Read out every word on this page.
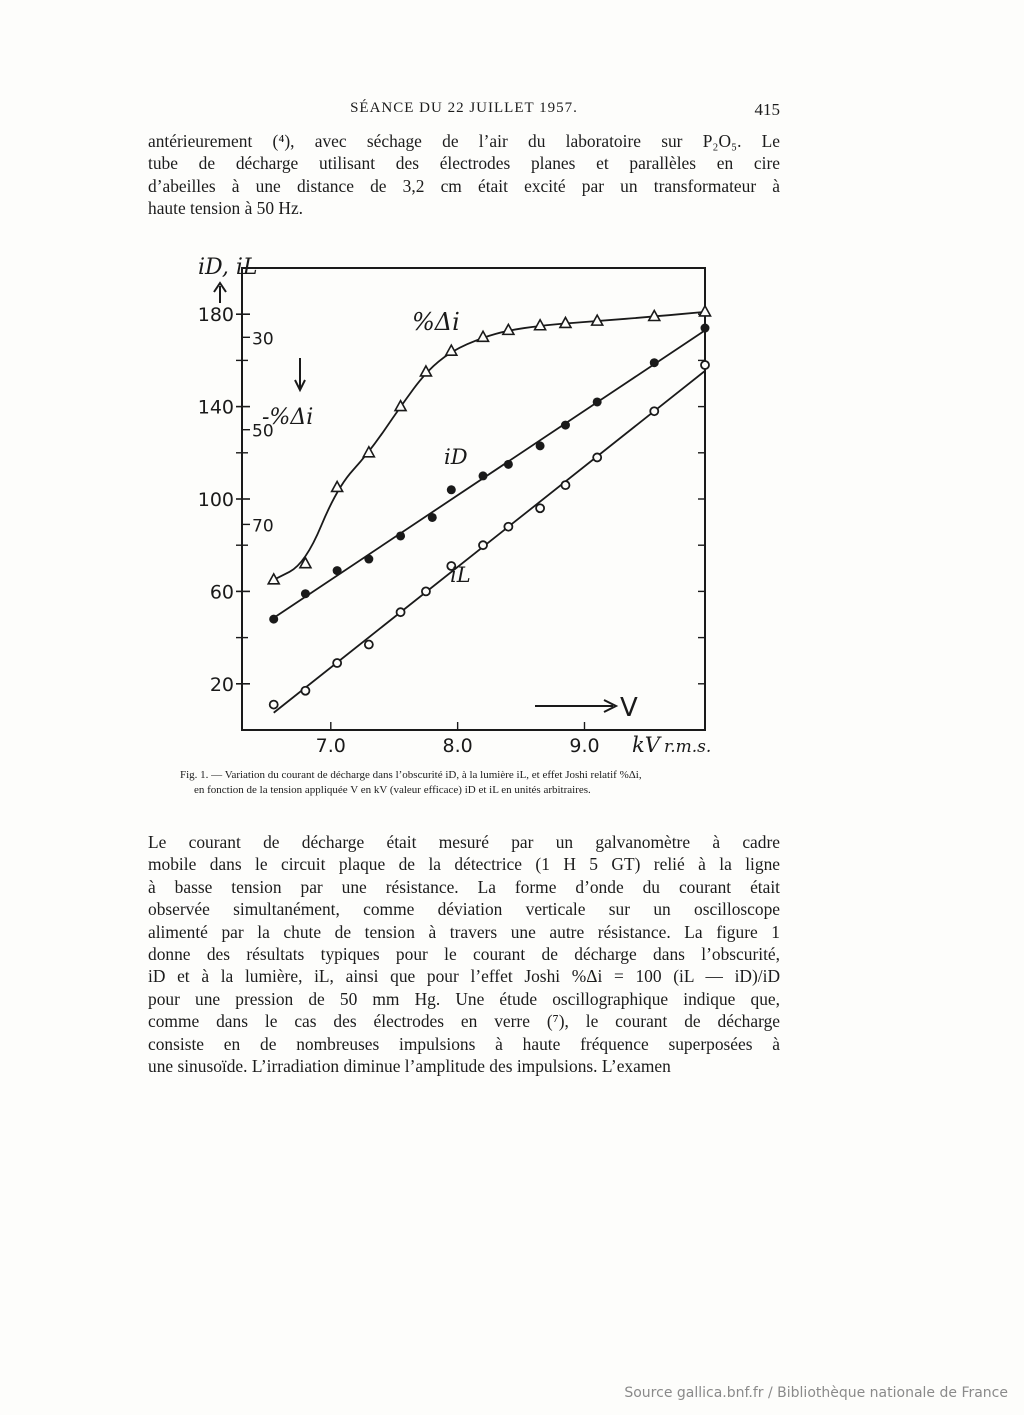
SÉANCE DU 22 JUILLET 1957.	415
antérieurement (⁴), avec séchage de l’air du laboratoire sur P₂O₅. Le
tube de décharge utilisant des électrodes planes et parallèles en cire
d’abeilles à une distance de 3,2 cm était excité par un transformateur à
haute tension à 50 Hz.
180
140
100
60
20
30
50
70
7.0	8.0	9.0
iD, iL
-%Δi
V
kV r.m.s.
%Δi
iD
iL
Fig. 1. — Variation du courant de décharge dans l’obscurité iD, à la lumière iL, et effet Joshi relatif %Δi,
en fonction de la tension appliquée V en kV (valeur efficace) iD et iL en unités arbitraires.
Le courant de décharge était mesuré par un galvanomètre à cadre
mobile dans le circuit plaque de la détectrice (1 H 5 GT) relié à la ligne
à basse tension par une résistance. La forme d’onde du courant était
observée simultanément, comme déviation verticale sur un oscilloscope
alimenté par la chute de tension à travers une autre résistance. La figure 1
donne des résultats typiques pour le courant de décharge dans l’obscurité,
iD et à la lumière, iL, ainsi que pour l’effet Joshi %Δi = 100 (iL — iD)/iD
pour une pression de 50 mm Hg. Une étude oscillographique indique que,
comme dans le cas des électrodes en verre (⁷), le courant de décharge
consiste en de nombreuses impulsions à haute fréquence superposées à
une sinusoïde. L’irradiation diminue l’amplitude des impulsions. L’examen
Source gallica.bnf.fr / Bibliothèque nationale de France
